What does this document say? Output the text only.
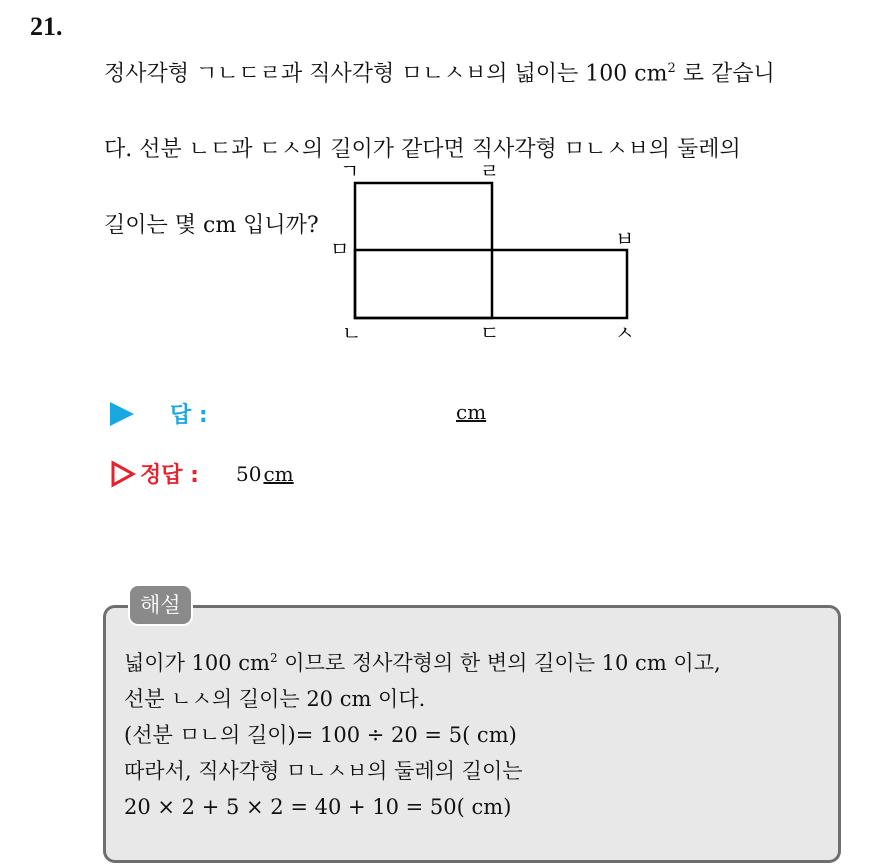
21.

정사각형 ㄱㄴㄷㄹ과 직사각형 ㅁㄴㅅㅂ의 넓이는 100 $cm^2$ 로 같습니

다. 선분 ㄴㄷ과 ㄷㅅ의 길이가 같다면 직사각형 ㅁㄴㅅㅂ의 둘레의

길이는 몇 cm 입니까?

ㄱ	ㄹ
ㅁ	ㅂ
ㄴ	ㄷ	ㅅ
답 :	cm
정답 : 50 cm
해설
넓이가 100 $cm^2$ 이므로 정사각형의 한 변의 길이는 10 cm 이고,
선분 ㄴㅅ의 길이는 20 cm 이다.
(선분 ㅁㄴ의 길이)= 100 ÷ 20 = 5( cm)
따라서, 직사각형 ㅁㄴㅅㅂ의 둘레의 길이는
20 × 2 + 5 × 2 = 40 + 10 = 50( cm)
